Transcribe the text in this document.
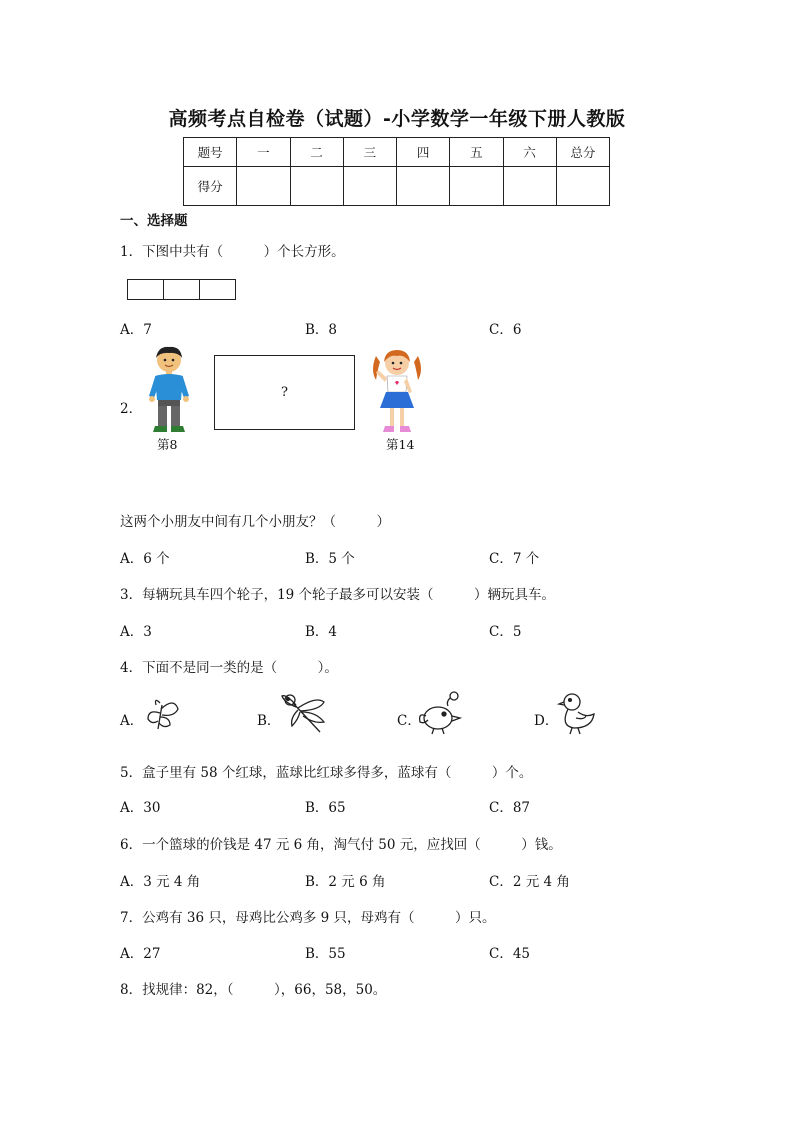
高频考点自检卷（试题）-小学数学一年级下册人教版
题号	一	二	三	四	五	六	总分
得分							
一、选择题
1．下图中共有（　　　）个长方形。
A．7	B．8	C．6
2．
第8
?
第14
这两个小朋友中间有几个小朋友？（　　　）
A．6 个	B．5 个	C．7 个
3．每辆玩具车四个轮子，19 个轮子最多可以安装（　　　）辆玩具车。
A．3	B．4	C．5
4．下面不是同一类的是（　　　）。
A．	B．	C．	D．
5．盒子里有 58 个红球，蓝球比红球多得多，蓝球有（　　　）个。
A．30	B．65	C．87
6．一个篮球的价钱是 47 元 6 角，淘气付 50 元，应找回（　　　）钱。
A．3 元 4 角	B．2 元 6 角	C．2 元 4 角
7．公鸡有 36 只，母鸡比公鸡多 9 只，母鸡有（　　　）只。
A．27	B．55	C．45
8．找规律：82，（　　　），66，58，50。
